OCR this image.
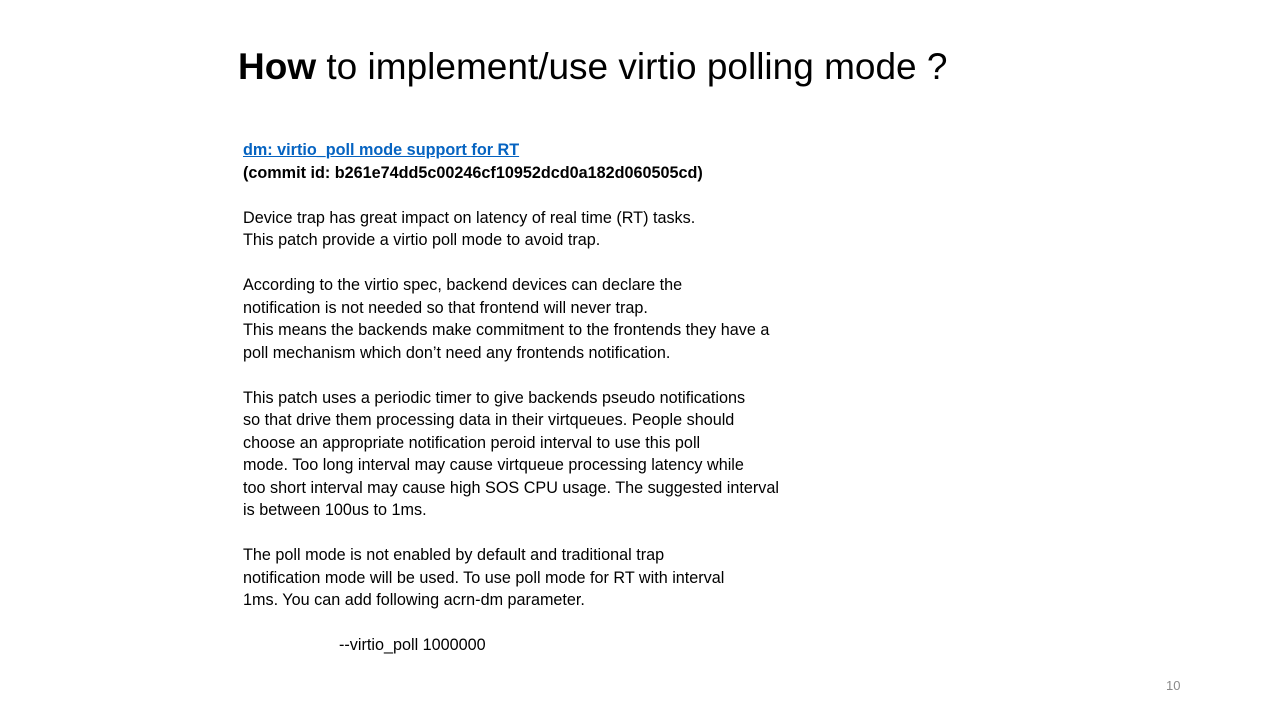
How to implement/use virtio polling mode ?
dm: virtio_poll mode support for RT
(commit id: b261e74dd5c00246cf10952dcd0a182d060505cd)
Device trap has great impact on latency of real time (RT) tasks.
This patch provide a virtio poll mode to avoid trap.
According to the virtio spec, backend devices can declare the
notification is not needed so that frontend will never trap.
This means the backends make commitment to the frontends they have a
poll mechanism which don’t need any frontends notification.
This patch uses a periodic timer to give backends pseudo notifications
so that drive them processing data in their virtqueues. People should
choose an appropriate notification peroid interval to use this poll
mode. Too long interval may cause virtqueue processing latency while
too short interval may cause high SOS CPU usage. The suggested interval
is between 100us to 1ms.
The poll mode is not enabled by default and traditional trap
notification mode will be used. To use poll mode for RT with interval
1ms. You can add following acrn-dm parameter.
--virtio_poll 1000000
10
